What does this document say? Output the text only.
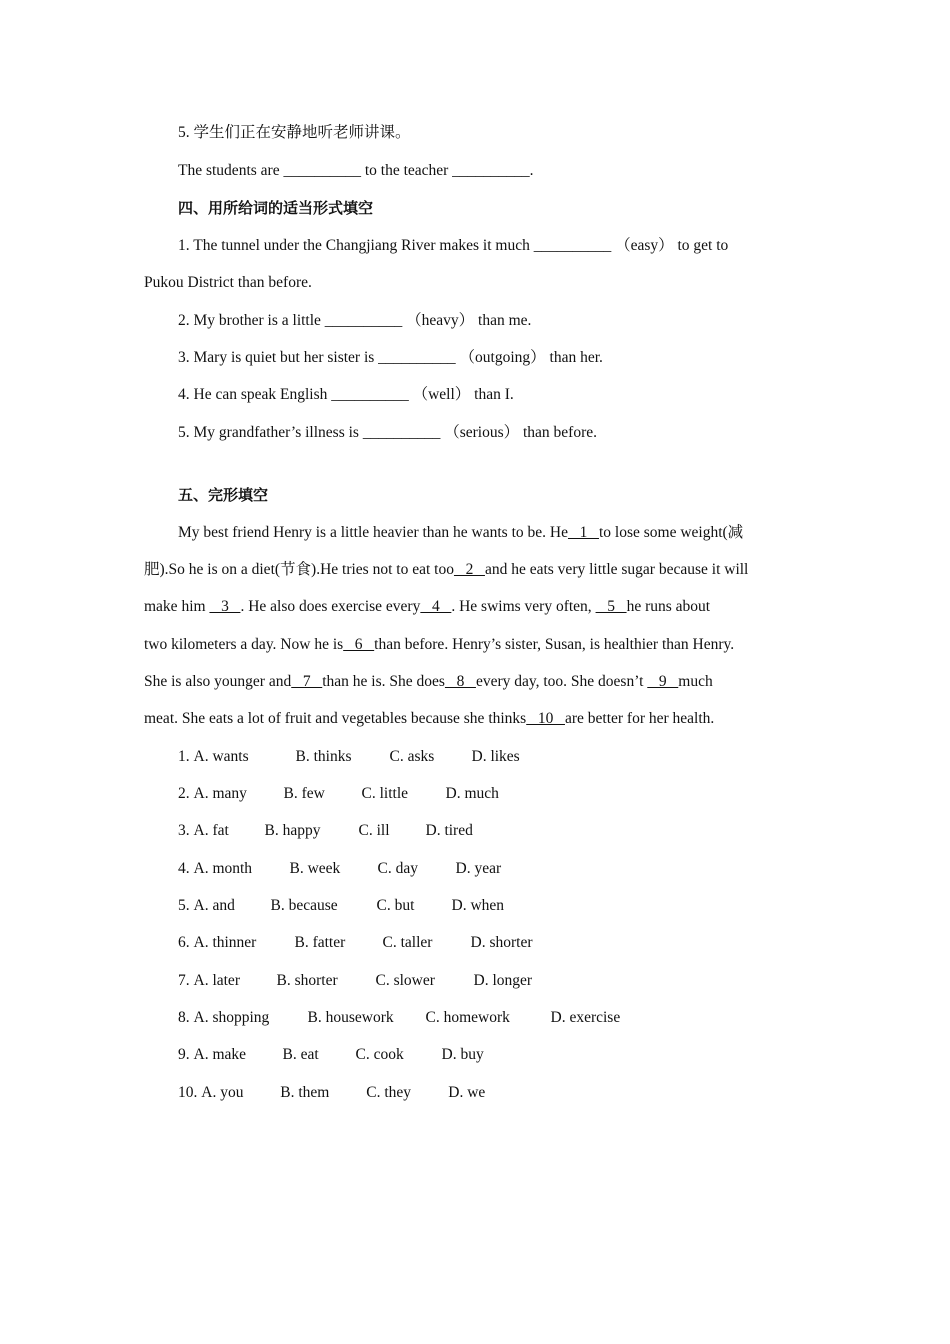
5. 学生们正在安静地听老师讲课。
The students are __________ to the teacher __________.
四、用所给词的适当形式填空
1. The tunnel under the Changjiang River makes it much __________ （easy） to get to
Pukou District than before.
2. My brother is a little __________ （heavy） than me.
3. Mary is quiet but her sister is __________ （outgoing） than her.
4. He can speak English __________ （well） than I.
5. My grandfather’s illness is __________ （serious） than before.
五、完形填空
My best friend Henry is a little heavier than he wants to be. He   1   to lose some weight(减
肥).So he is on a diet(节食).He tries not to eat too   2   and he eats very little sugar because it will
make him    3   . He also does exercise every   4   . He swims very often,    5   he runs about
two kilometers a day. Now he is   6   than before. Henry’s sister, Susan, is healthier than Henry.
She is also younger and   7   than he is. She does   8   every day, too. She doesn’t    9   much
meat. She eats a lot of fruit and vegetables because she thinks   10   are better for her health.
1. A. wants	B. thinks C. asks D. likes
2. A. many B. few C. little D. much
3. A. fat B. happy C. ill D. tired
4. A. month B. week C. day D. year
5. A. and B. because	C. but D. when
6. A. thinner B. fatter C. taller D. shorter
7. A. later B. shorter C. slower D. longer
8. A. shopping B. housework C. homework	D. exercise
9. A. make B. eat C. cook D. buy
10. A. you B. them C. they D. we
